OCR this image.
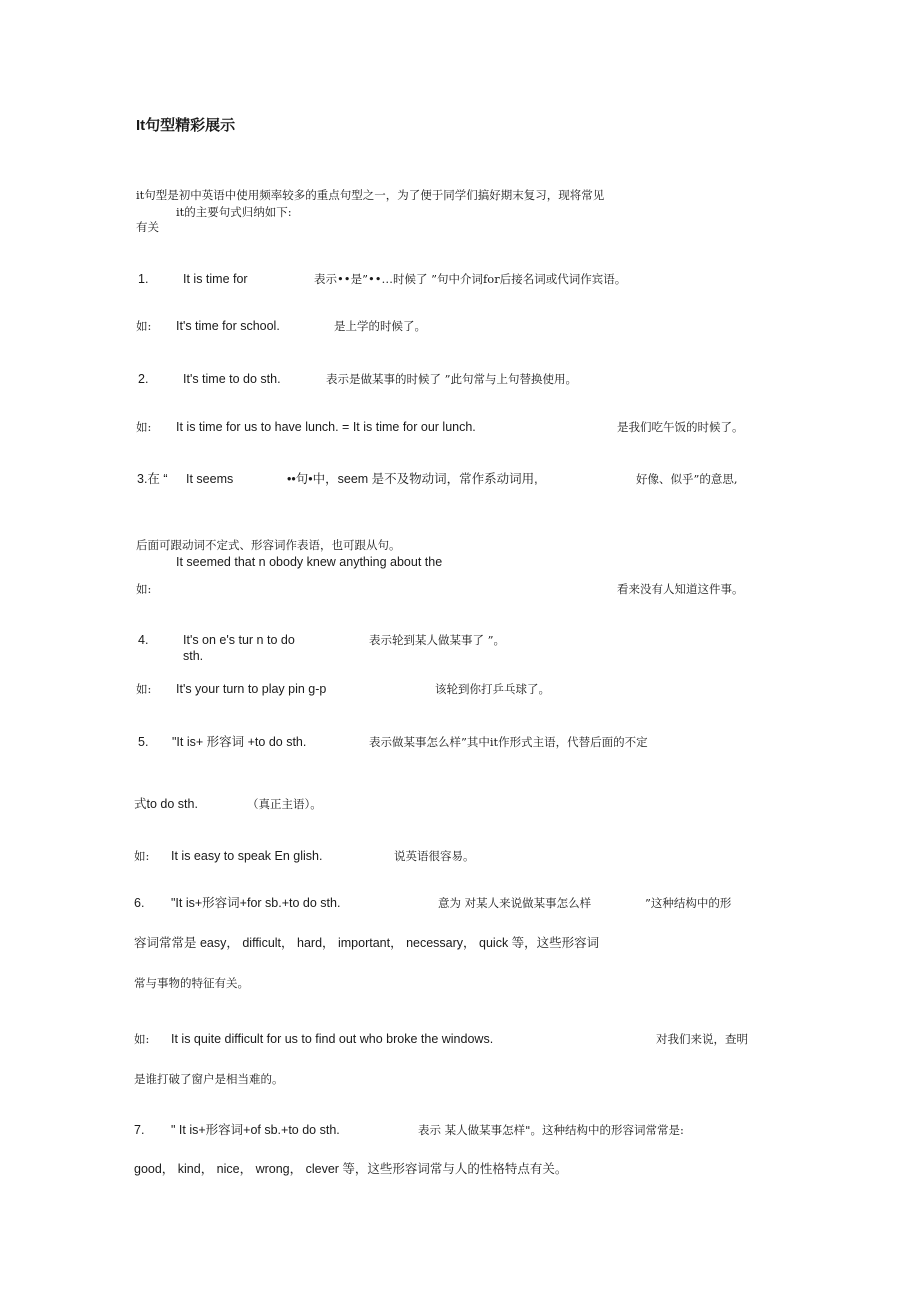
It句型精彩展示
it句型是初中英语中使用频率较多的重点句型之一，为了便于同学们搞好期末复习，现将常见
it的主要句式归纳如下:
有关
1.	It is time for	表示••是”••…时候了 ”句中介词for后接名词或代词作宾语。
如: It's time for school.	是上学的时候了。
2.	It's time to do sth.	表示是做某事的时候了 ”此句常与上句替换使用。
如: It is time for us to have lunch. = It is time for our lunch.	是我们吃午饭的时候了。
3.在 “ It seems	••句•中，seem 是不及物动词，常作系动词用,	好像、似乎”的意思,
后面可跟动词不定式、形容词作表语，也可跟从句。
It seemed that n obody knew anything about the
如:	看来没有人知道这件事。
4.	It's on e's tur n to do
sth.
表示轮到某人做某事了 ”。
如: It's your turn to play pin g-p	该轮到你打乒乓球了。
5. "It is+ 形容词 +to do sth.	表示做某事怎么样”其中it作形式主语，代替后面的不定
式to do sth.	（真正主语）。
如: It is easy to speak En glish.	说英语很容易。
6. "It is+形容词+for sb.+to do sth.	意为 对某人来说做某事怎么样	”这种结构中的形
容词常常是 easy， difficult， hard， important， necessary， quick 等，这些形容词
常与事物的特征有关。
如: It is quite difficult for us to find out who broke the windows.	对我们来说，查明
是谁打破了窗户是相当难的。
7. " It is+形容词+of sb.+to do sth.	表示 某人做某事怎样"。这种结构中的形容词常常是:
good， kind， nice， wrong， clever 等，这些形容词常与人的性格特点有关。
